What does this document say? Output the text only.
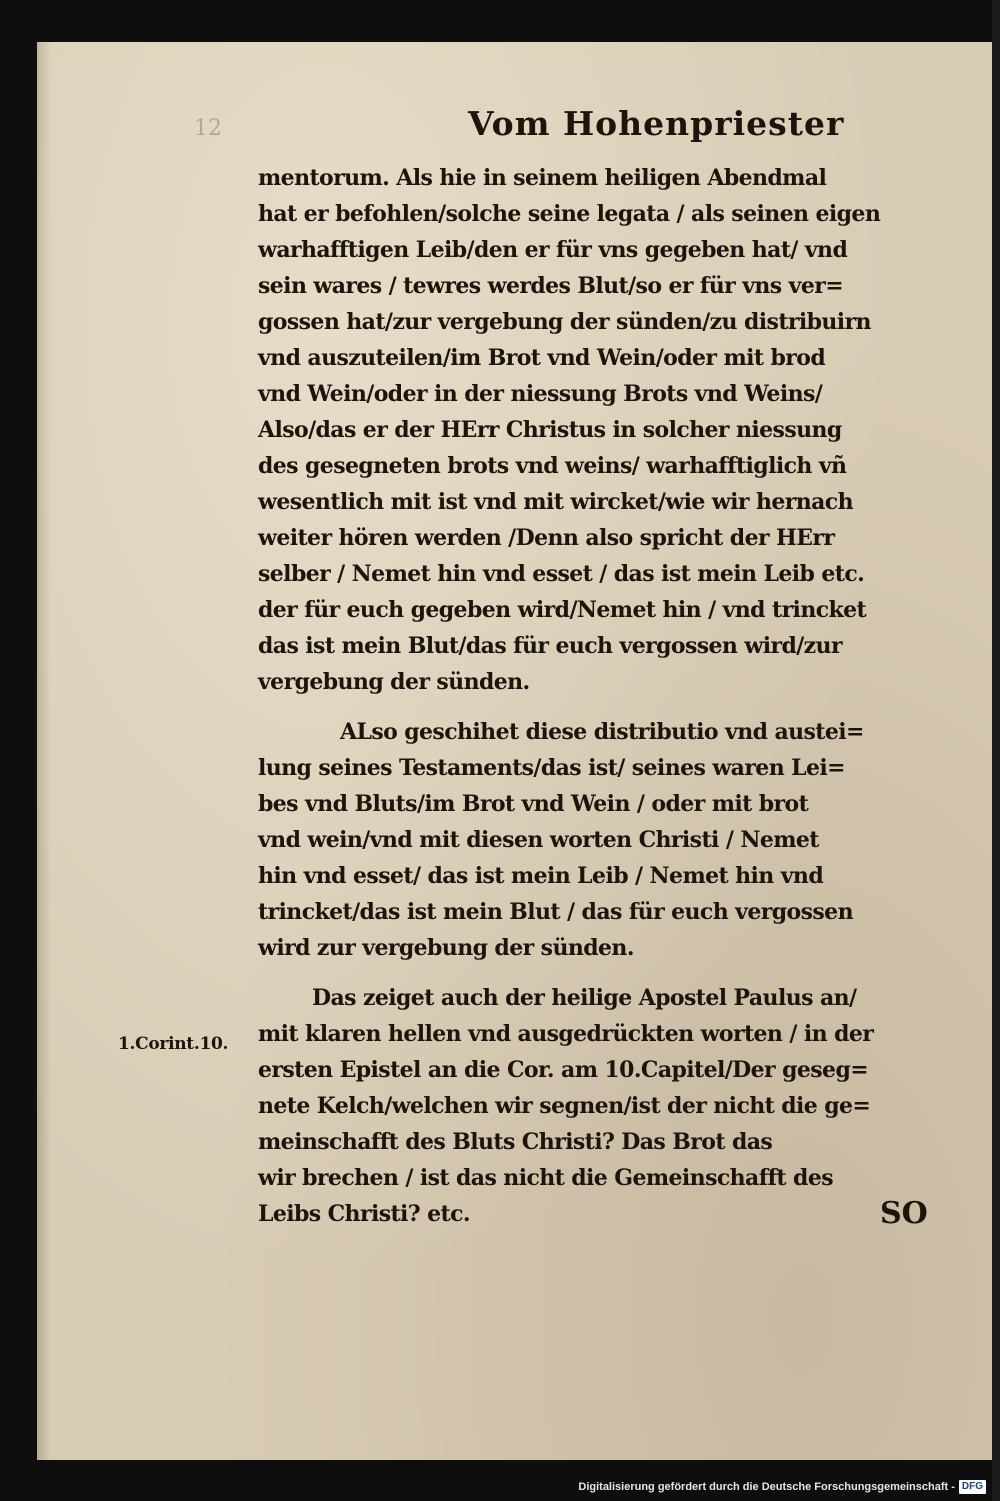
12	Vom Hohenpriester
mentorum. Als hie in seinem heiligen Abendmal
hat er befohlen/solche seine legata / als seinen eigen
warhafftigen Leib/den er für vns gegeben hat/ vnd
sein wares / tewres werdes Blut/so er für vns ver=
gossen hat/zur vergebung der sünden/zu distribuirn
vnd auszuteilen/im Brot vnd Wein/oder mit brod
vnd Wein/oder in der niessung Brots vnd Weins/
Also/das er der HErr Christus in solcher niessung
des gesegneten brots vnd weins/ warhafftiglich vñ
wesentlich mit ist vnd mit wircket/wie wir hernach
weiter hören werden /Denn also spricht der HErr
selber / Nemet hin vnd esset / das ist mein Leib etc.
der für euch gegeben wird/Nemet hin / vnd trincket
das ist mein Blut/das für euch vergossen wird/zur
vergebung der sünden.
ALso geschihet diese distributio vnd austei=
lung seines Testaments/das ist/ seines waren Lei=
bes vnd Bluts/im Brot vnd Wein / oder mit brot
vnd wein/vnd mit diesen worten Christi / Nemet
hin vnd esset/ das ist mein Leib / Nemet hin vnd
trincket/das ist mein Blut / das für euch vergossen
wird zur vergebung der sünden.
Das zeiget auch der heilige Apostel Paulus an/
mit klaren hellen vnd ausgedrückten worten / in der
ersten Epistel an die Cor. am 10.Capitel/Der geseg=
nete Kelch/welchen wir segnen/ist der nicht die ge=
meinschafft des Bluts Christi? Das Brot das
wir brechen / ist das nicht die Gemeinschafft des
Leibs Christi? etc.
1.Corint.10.
SO
Digitalisierung gefördert durch die Deutsche Forschungsgemeinschaft - DFG
